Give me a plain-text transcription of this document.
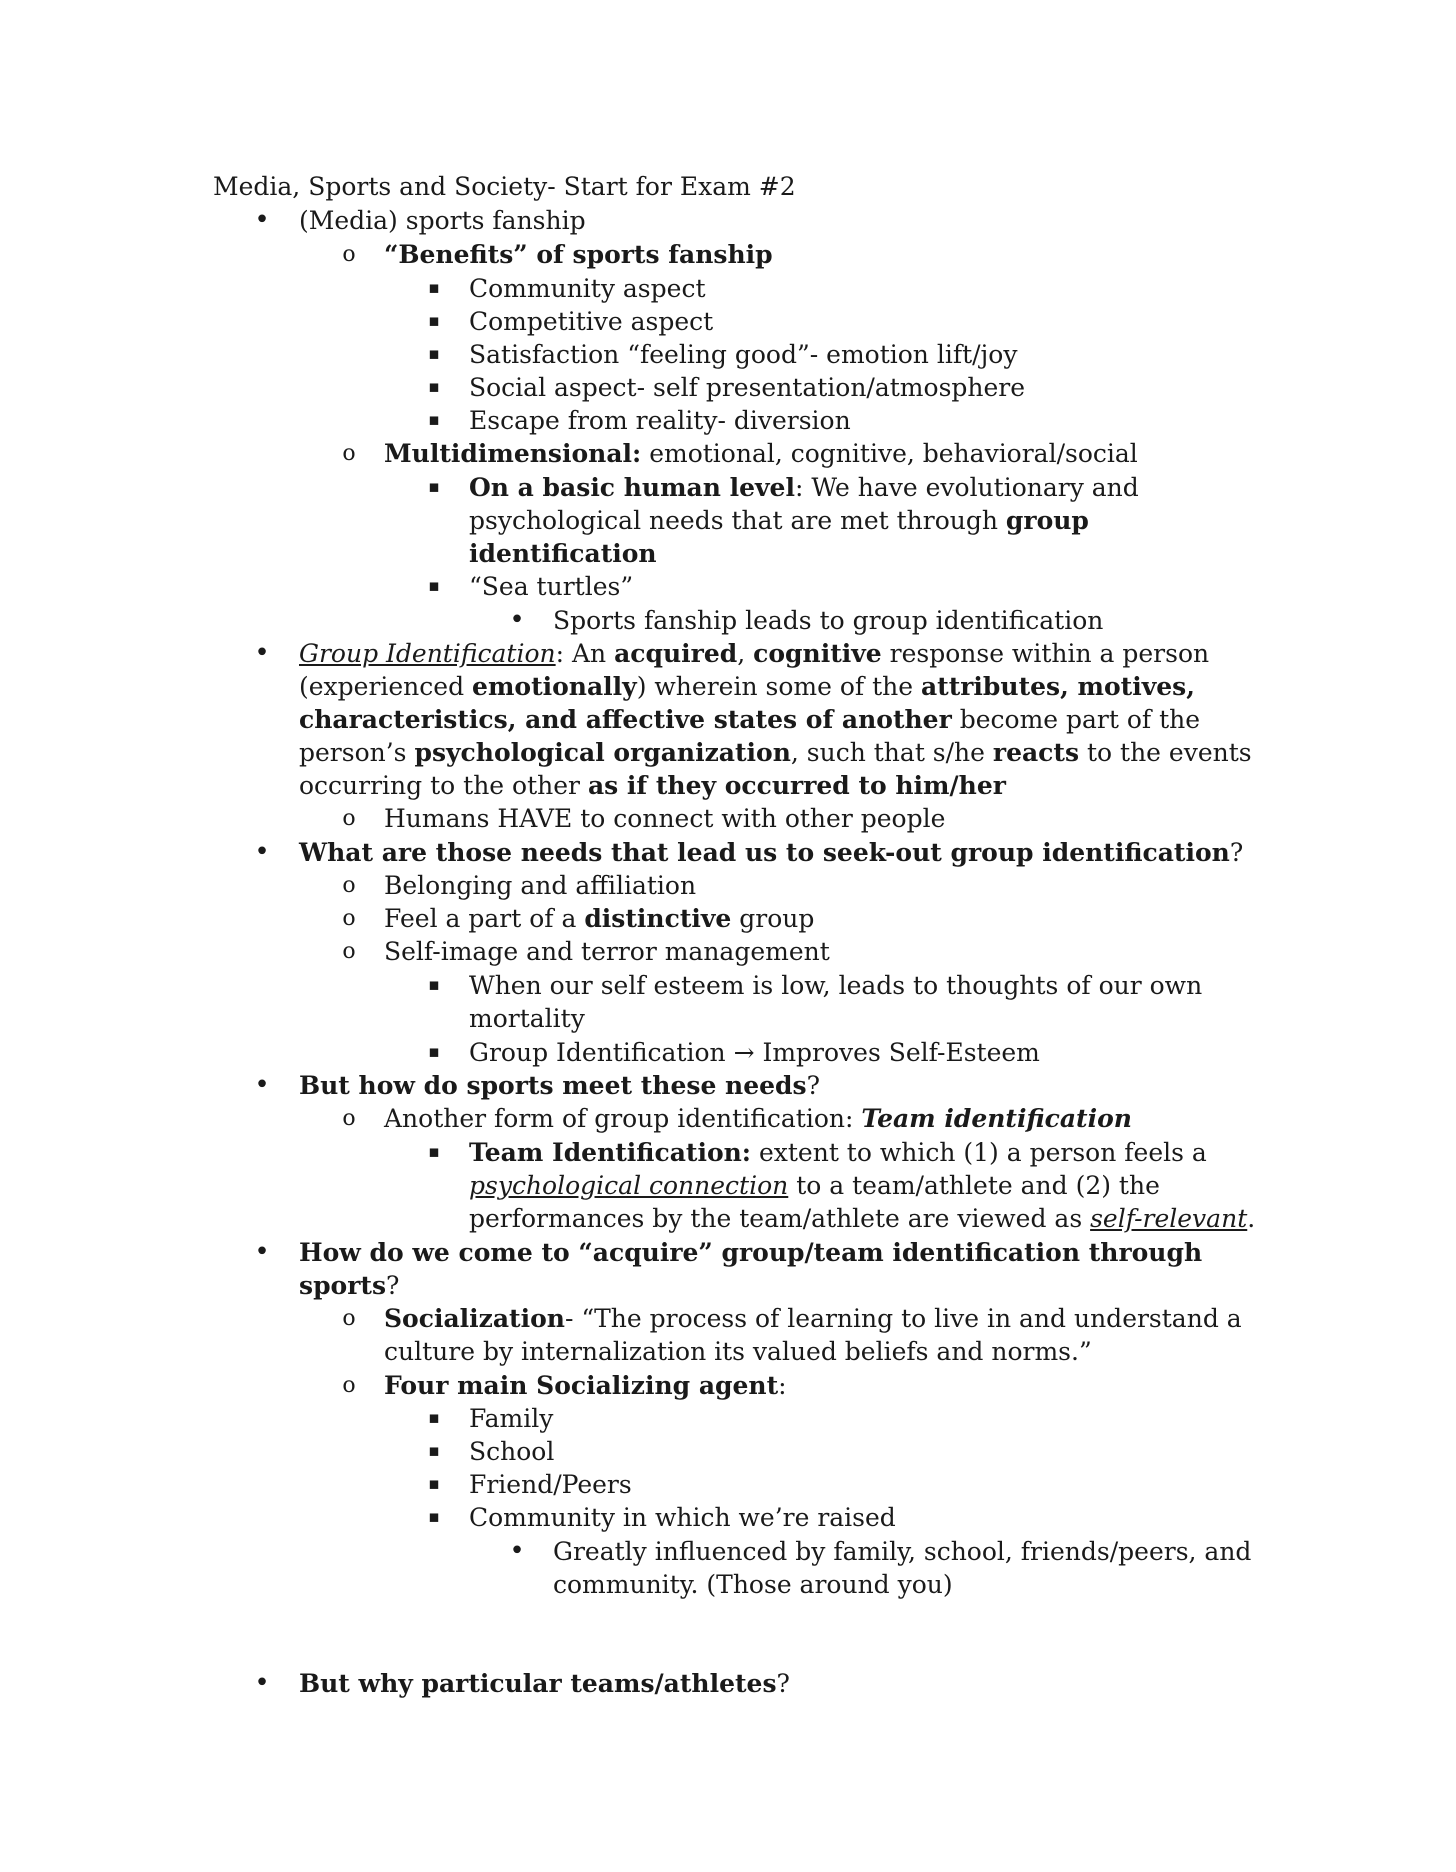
Media, Sports and Society- Start for Exam #2
• (Media) sports fanship
o “Benefits” of sports fanship
▪ Community aspect
▪ Competitive aspect
▪ Satisfaction “feeling good”- emotion lift/joy
▪ Social aspect- self presentation/atmosphere
▪ Escape from reality- diversion
o Multidimensional: emotional, cognitive, behavioral/social
▪ On a basic human level: We have evolutionary and
psychological needs that are met through group
identification
▪ “Sea turtles”
• Sports fanship leads to group identification
• Group Identification: An acquired, cognitive response within a person
(experienced emotionally) wherein some of the attributes, motives,
characteristics, and affective states of another become part of the
person’s psychological organization, such that s/he reacts to the events
occurring to the other as if they occurred to him/her
o Humans HAVE to connect with other people
• What are those needs that lead us to seek-out group identification?
o Belonging and affiliation
o Feel a part of a distinctive group
o Self-image and terror management
▪ When our self esteem is low, leads to thoughts of our own
mortality
▪ Group Identification → Improves Self-Esteem
• But how do sports meet these needs?
o Another form of group identification: Team identification
▪ Team Identification: extent to which (1) a person feels a
psychological connection to a team/athlete and (2) the
performances by the team/athlete are viewed as self-relevant.
• How do we come to “acquire” group/team identification through
sports?
o Socialization- “The process of learning to live in and understand a
culture by internalization its valued beliefs and norms.”
o Four main Socializing agent:
▪ Family
▪ School
▪ Friend/Peers
▪ Community in which we’re raised
• Greatly influenced by family, school, friends/peers, and
community. (Those around you)
• But why particular teams/athletes?
